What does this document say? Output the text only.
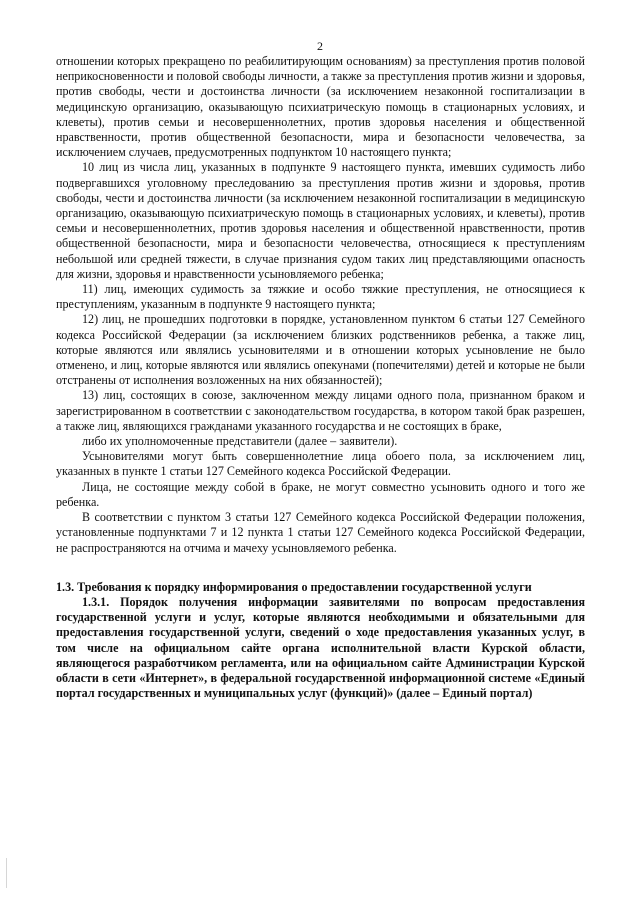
2

отношении которых прекращено по реабилитирующим основаниям) за преступления против половой неприкосновенности и половой свободы личности, а также за преступления против жизни и здоровья, против свободы, чести и достоинства личности (за исключением незаконной госпитализации в медицинскую организацию, оказывающую психиатрическую помощь в стационарных условиях, и клеветы), против семьи и несовершеннолетних, против здоровья населения и общественной нравственности, против общественной безопасности, мира и безопасности человечества, за исключением случаев, предусмотренных подпунктом 10 настоящего пункта;

10 лиц из числа лиц, указанных в подпункте 9 настоящего пункта, имевших судимость либо подвергавшихся уголовному преследованию за преступления против жизни и здоровья, против свободы, чести и достоинства личности (за исключением незаконной госпитализации в медицинскую организацию, оказывающую психиатрическую помощь в стационарных условиях, и клеветы), против семьи и несовершеннолетних, против здоровья населения и общественной нравственности, против общественной безопасности, мира и безопасности человечества, относящиеся к преступлениям небольшой или средней тяжести, в случае признания судом таких лиц представляющими опасность для жизни, здоровья и нравственности усыновляемого ребенка;

11) лиц, имеющих судимость за тяжкие и особо тяжкие преступления, не относящиеся к преступлениям, указанным в подпункте 9 настоящего пункта;

12) лиц, не прошедших подготовки в порядке, установленном пунктом 6 статьи 127 Семейного кодекса Российской Федерации (за исключением близких родственников ребенка, а также лиц, которые являются или являлись усыновителями и в отношении которых усыновление не было отменено, и лиц, которые являются или являлись опекунами (попечителями) детей и которые не были отстранены от исполнения возложенных на них обязанностей);

13) лиц, состоящих в союзе, заключенном между лицами одного пола, признанном браком и зарегистрированном в соответствии с законодательством государства, в котором такой брак разрешен, а также лиц, являющихся гражданами указанного государства и не состоящих в браке,

либо их уполномоченные представители (далее – заявители).

Усыновителями могут быть совершеннолетние лица обоего пола, за исключением лиц, указанных в пункте 1 статьи 127 Семейного кодекса Российской Федерации.

Лица, не состоящие между собой в браке, не могут совместно усыновить одного и того же ребенка.

В соответствии с пунктом 3 статьи 127 Семейного кодекса Российской Федерации положения, установленные подпунктами 7 и 12 пункта 1 статьи 127 Семейного кодекса Российской Федерации, не распространяются на отчима и мачеху усыновляемого ребенка.

1.3. Требования к порядку информирования о предоставлении государственной услуги

1.3.1. Порядок получения информации заявителями по вопросам предоставления государственной услуги и услуг, которые являются необходимыми и обязательными для предоставления государственной услуги, сведений о ходе предоставления указанных услуг, в том числе на официальном сайте органа исполнительной власти Курской области, являющегося разработчиком регламента, или на официальном сайте Администрации Курской области в сети «Интернет», в федеральной государственной информационной системе «Единый портал государственных и муниципальных услуг (функций)» (далее – Единый портал)
